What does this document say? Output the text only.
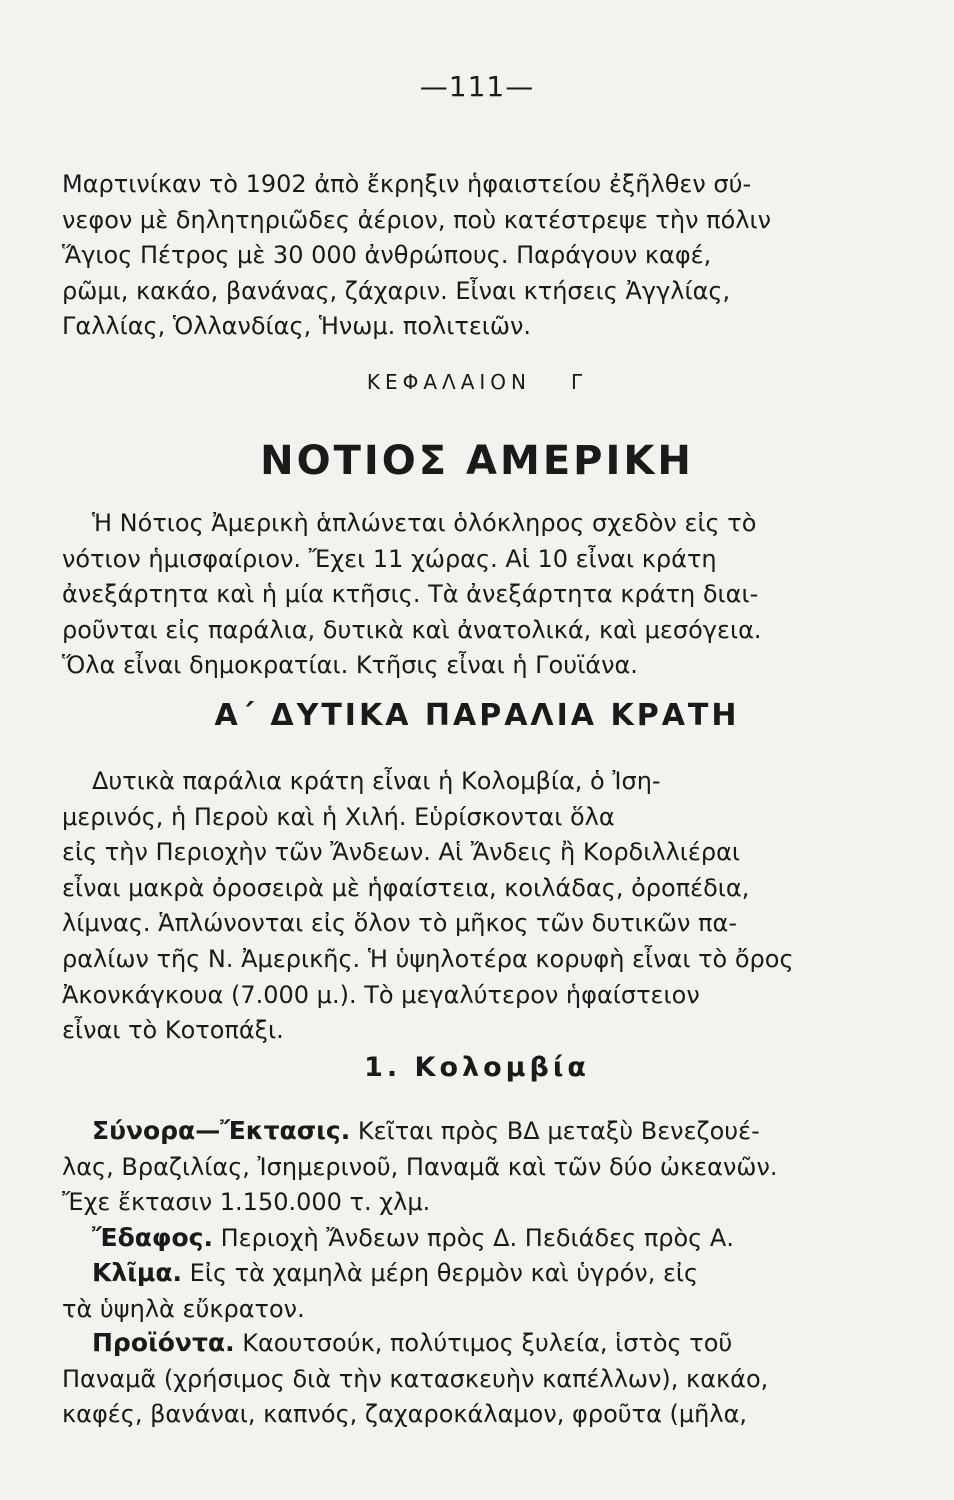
—111—

Μαρτινίκαν τὸ 1902 ἀπὸ ἔκρηξιν ἡφαιστείου ἐξῆλθεν σύ-
νεφον μὲ δηλητηριῶδες ἀέριον, ποὺ κατέστρεψε τὴν πόλιν
Ἅγιος Πέτρος μὲ 30 000 ἀνθρώπους. Παράγουν καφέ,
ρῶμι, κακάο, βανάνας, ζάχαριν. Εἶναι κτήσεις Ἀγγλίας,
Γαλλίας, Ὁλλανδίας, Ἡνωμ. πολιτειῶν.

ΚΕΦΑΛΑΙΟΝ Γ
ΝΟΤΙΟΣ ΑΜΕΡΙΚΗ

Ἡ Νότιος Ἀμερικὴ ἁπλώνεται ὁλόκληρος σχεδὸν εἰς τὸ
νότιον ἡμισφαίριον. Ἔχει 11 χώρας. Αἱ 10 εἶναι κράτη
ἀνεξάρτητα καὶ ἡ μία κτῆσις. Τὰ ἀνεξάρτητα κράτη διαι-
ροῦνται εἰς παράλια, δυτικὰ καὶ ἀνατολικά, καὶ μεσόγεια.
Ὅλα εἶναι δημοκρατίαι. Κτῆσις εἶναι ἡ Γουϊάνα.

Α΄ ΔΥΤΙΚΑ ΠΑΡΑΛΙΑ ΚΡΑΤΗ

Δυτικὰ παράλια κράτη εἶναι ἡ Κολομβία, ὁ Ἰση-
μερινός, ἡ Περοὺ καὶ ἡ Χιλή. Εὑρίσκονται ὅλα
εἰς τὴν Περιοχὴν τῶν Ἄνδεων. Αἱ Ἄνδεις ἢ Κορδιλλιέραι
εἶναι μακρὰ ὀροσειρὰ μὲ ἡφαίστεια, κοιλάδας, ὀροπέδια,
λίμνας. Ἁπλώνονται εἰς ὅλον τὸ μῆκος τῶν δυτικῶν πα-
ραλίων τῆς Ν. Ἀμερικῆς. Ἡ ὑψηλοτέρα κορυφὴ εἶναι τὸ ὄρος
Ἀκονκάγκουα (7.000 μ.). Τὸ μεγαλύτερον ἡφαίστειον
εἶναι τὸ Κοτοπάξι.

1. Κολομβία
Σύνορα—Ἔκτασις. Κεῖται πρὸς ΒΔ μεταξὺ Βενεζουέ-
λας, Βραζιλίας, Ἰσημερινοῦ, Παναμᾶ καὶ τῶν δύο ὠκεανῶν.
Ἔχε ἔκτασιν 1.150.000 τ. χλμ.
Ἔδαφος. Περιοχὴ Ἄνδεων πρὸς Δ. Πεδιάδες πρὸς Α.
Κλῖμα. Εἰς τὰ χαμηλὰ μέρη θερμὸν καὶ ὑγρόν, εἰς
τὰ ὑψηλὰ εὔκρατον.
Προϊόντα. Καουτσούκ, πολύτιμος ξυλεία, ἱστὸς τοῦ
Παναμᾶ (χρήσιμος διὰ τὴν κατασκευὴν καπέλλων), κακάο,
καφές, βανάναι, καπνός, ζαχαροκάλαμον, φροῦτα (μῆλα,
